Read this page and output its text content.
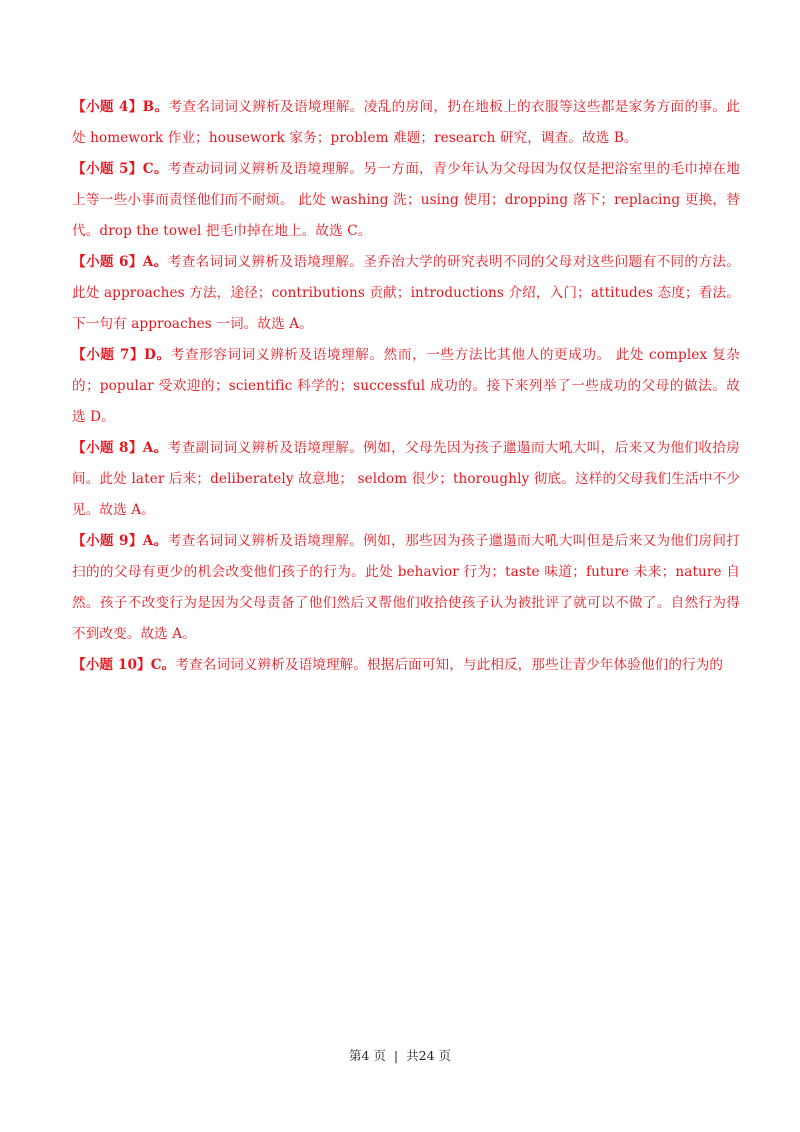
【小题 4】B。考查名词词义辨析及语境理解。凌乱的房间，扔在地板上的衣服等这些都是家务方面的事。此处 homework 作业；housework 家务；problem 难题；research 研究，调查。故选 B。

【小题 5】C。考查动词词义辨析及语境理解。另一方面，青少年认为父母因为仅仅是把浴室里的毛巾掉在地上等一些小事而责怪他们而不耐烦。 此处 washing 洗；using 使用；dropping 落下；replacing 更换，替代。drop the towel 把毛巾掉在地上。故选 C。

【小题 6】A。考查名词词义辨析及语境理解。圣乔治大学的研究表明不同的父母对这些问题有不同的方法。此处 approaches 方法，途径；contributions 贡献；introductions 介绍，入门；attitudes 态度；看法。下一句有 approaches 一词。故选 A。

【小题 7】D。考查形容词词义辨析及语境理解。然而，一些方法比其他人的更成功。 此处 complex 复杂的；popular 受欢迎的；scientific 科学的；successful 成功的。接下来列举了一些成功的父母的做法。故选 D。

【小题 8】A。考查副词词义辨析及语境理解。例如，父母先因为孩子邋遢而大吼大叫，后来又为他们收拾房间。此处 later 后来；deliberately 故意地； seldom 很少；thoroughly 彻底。这样的父母我们生活中不少见。故选 A。

【小题 9】A。考查名词词义辨析及语境理解。例如，那些因为孩子邋遢而大吼大叫但是后来又为他们房间打扫的的父母有更少的机会改变他们孩子的行为。此处 behavior 行为；taste 味道；future 未来；nature 自然。孩子不改变行为是因为父母责备了他们然后又帮他们收拾使孩子认为被批评了就可以不做了。自然行为得不到改变。故选 A。

【小题 10】C。考查名词词义辨析及语境理解。根据后面可知，与此相反，那些让青少年体验他们的行为的

第4 页 | 共24 页
